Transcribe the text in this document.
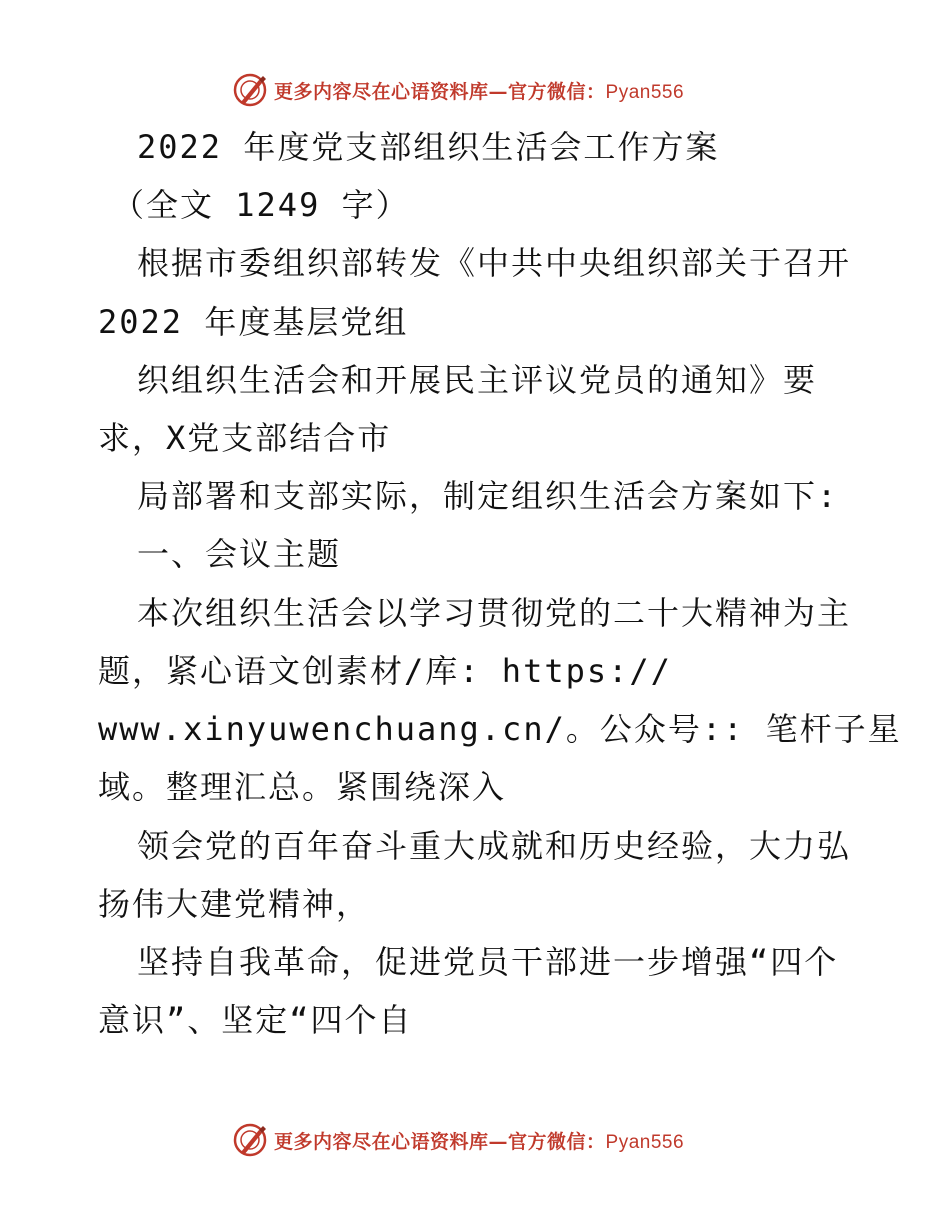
更多内容尽在心语资料库—官方微信：Pyan556
2022 年度党支部组织生活会工作方案
（全文 1249 字）
根据市委组织部转发《中共中央组织部关于召开
2022 年度基层党组
织组织生活会和开展民主评议党员的通知》要
求，X党支部结合市
局部署和支部实际，制定组织生活会方案如下:
一、会议主题
本次组织生活会以学习贯彻党的二十大精神为主
题，紧心语文创素材/库: https://
www.xinyuwenchuang.cn/。公众号:: 笔杆子星
域。整理汇总。紧围绕深入
领会党的百年奋斗重大成就和历史经验，大力弘
扬伟大建党精神，
坚持自我革命，促进党员干部进一步增强“四个
意识”、坚定“四个自
更多内容尽在心语资料库—官方微信：Pyan556
